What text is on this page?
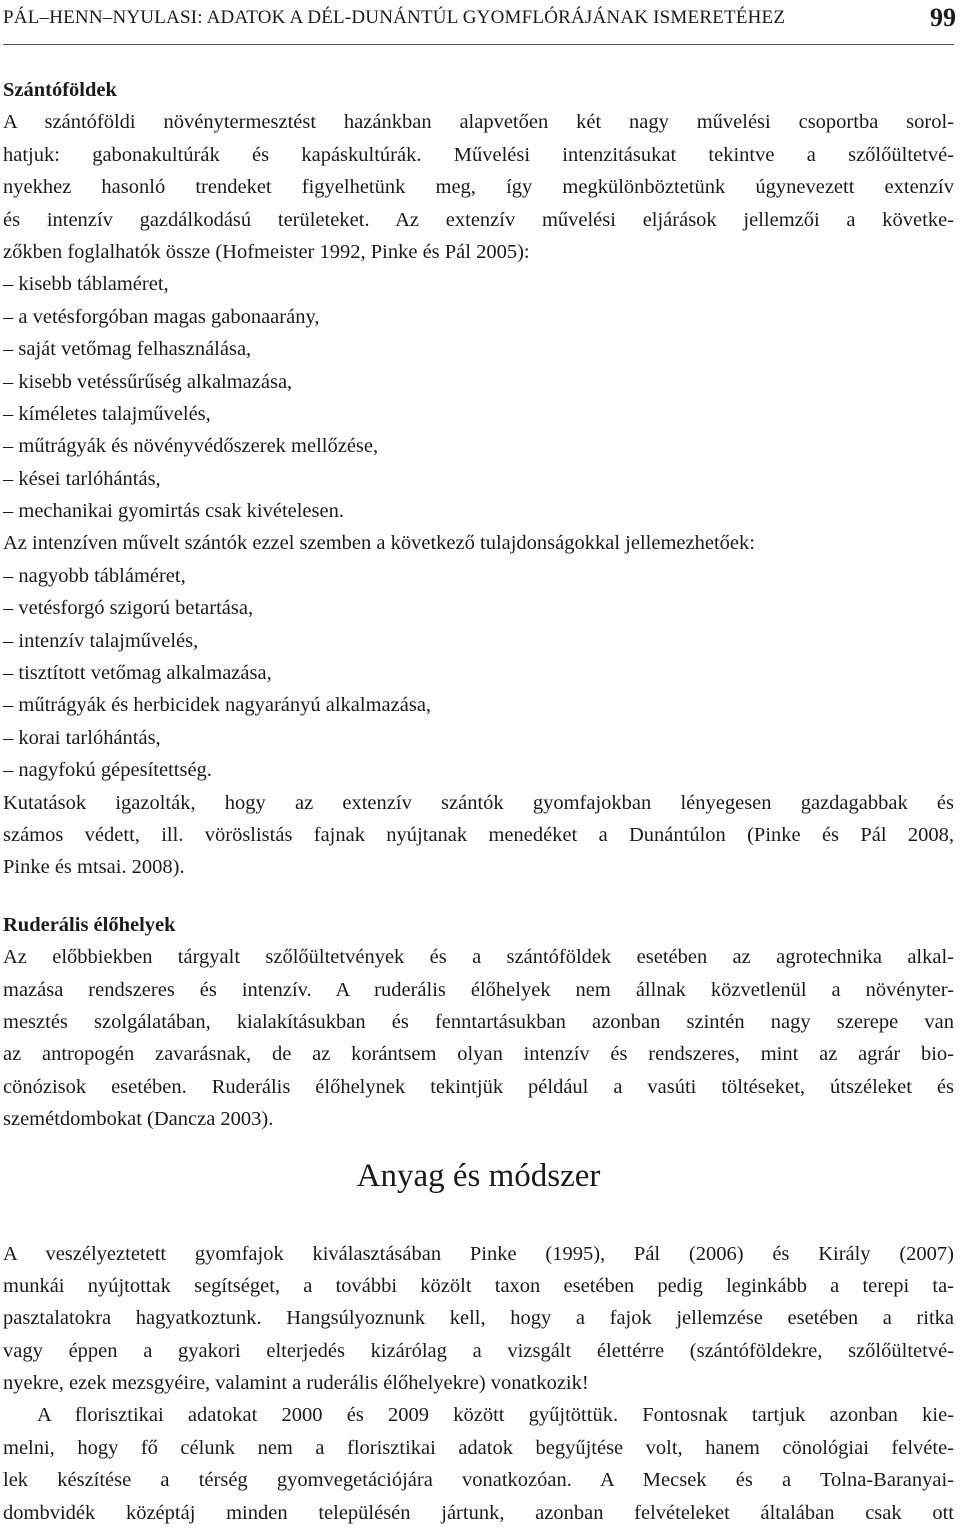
PÁL–HENN–NYULASI: ADATOK A DÉL-DUNÁNTÚL GYOMFLÓRÁJÁNAK ISMERETÉHEZ	99
Szántóföldek
A szántóföldi növénytermesztést hazánkban alapvetően két nagy művelési csoportba sorol-
hatjuk: gabonakultúrák és kapáskultúrák. Művelési intenzitásukat tekintve a szőlőültetvé-
nyekhez hasonló trendeket figyelhetünk meg, így megkülönböztetünk úgynevezett extenzív
és intenzív gazdálkodású területeket. Az extenzív művelési eljárások jellemzői a követke-
zőkben foglalhatók össze (Hofmeister 1992, Pinke és Pál 2005):
– kisebb táblaméret,
– a vetésforgóban magas gabonaarány,
– saját vetőmag felhasználása,
– kisebb vetéssűrűség alkalmazása,
– kíméletes talajművelés,
– műtrágyák és növényvédőszerek mellőzése,
– kései tarlóhántás,
– mechanikai gyomirtás csak kivételesen.
Az intenzíven művelt szántók ezzel szemben a következő tulajdonságokkal jellemezhetőek:
– nagyobb tábláméret,
– vetésforgó szigorú betartása,
– intenzív talajművelés,
– tisztított vetőmag alkalmazása,
– műtrágyák és herbicidek nagyarányú alkalmazása,
– korai tarlóhántás,
– nagyfokú gépesítettség.
Kutatások igazolták, hogy az extenzív szántók gyomfajokban lényegesen gazdagabbak és
számos védett, ill. vöröslistás fajnak nyújtanak menedéket a Dunántúlon (Pinke és Pál 2008,
Pinke és mtsai. 2008).
Ruderális élőhelyek
Az előbbiekben tárgyalt szőlőültetvények és a szántóföldek esetében az agrotechnika alkal-
mazása rendszeres és intenzív. A ruderális élőhelyek nem állnak közvetlenül a növényter-
mesztés szolgálatában, kialakításukban és fenntartásukban azonban szintén nagy szerepe van
az antropogén zavarásnak, de az korántsem olyan intenzív és rendszeres, mint az agrár bio-
cönózisok esetében. Ruderális élőhelynek tekintjük például a vasúti töltéseket, útszéleket és
szemétdombokat (Dancza 2003).
Anyag és módszer
A veszélyeztetett gyomfajok kiválasztásában Pinke (1995), Pál (2006) és Király (2007)
munkái nyújtottak segítséget, a további közölt taxon esetében pedig leginkább a terepi ta-
pasztalatokra hagyatkoztunk. Hangsúlyoznunk kell, hogy a fajok jellemzése esetében a ritka
vagy éppen a gyakori elterjedés kizárólag a vizsgált élettérre (szántóföldekre, szőlőültetvé-
nyekre, ezek mezsgyéire, valamint a ruderális élőhelyekre) vonatkozik!
A florisztikai adatokat 2000 és 2009 között gyűjtöttük. Fontosnak tartjuk azonban kie-
melni, hogy fő célunk nem a florisztikai adatok begyűjtése volt, hanem cönológiai felvéte-
lek készítése a térség gyomvegetációjára vonatkozóan. A Mecsek és a Tolna-Baranyai-
dombvidék középtáj minden településén jártunk, azonban felvételeket általában csak ott
